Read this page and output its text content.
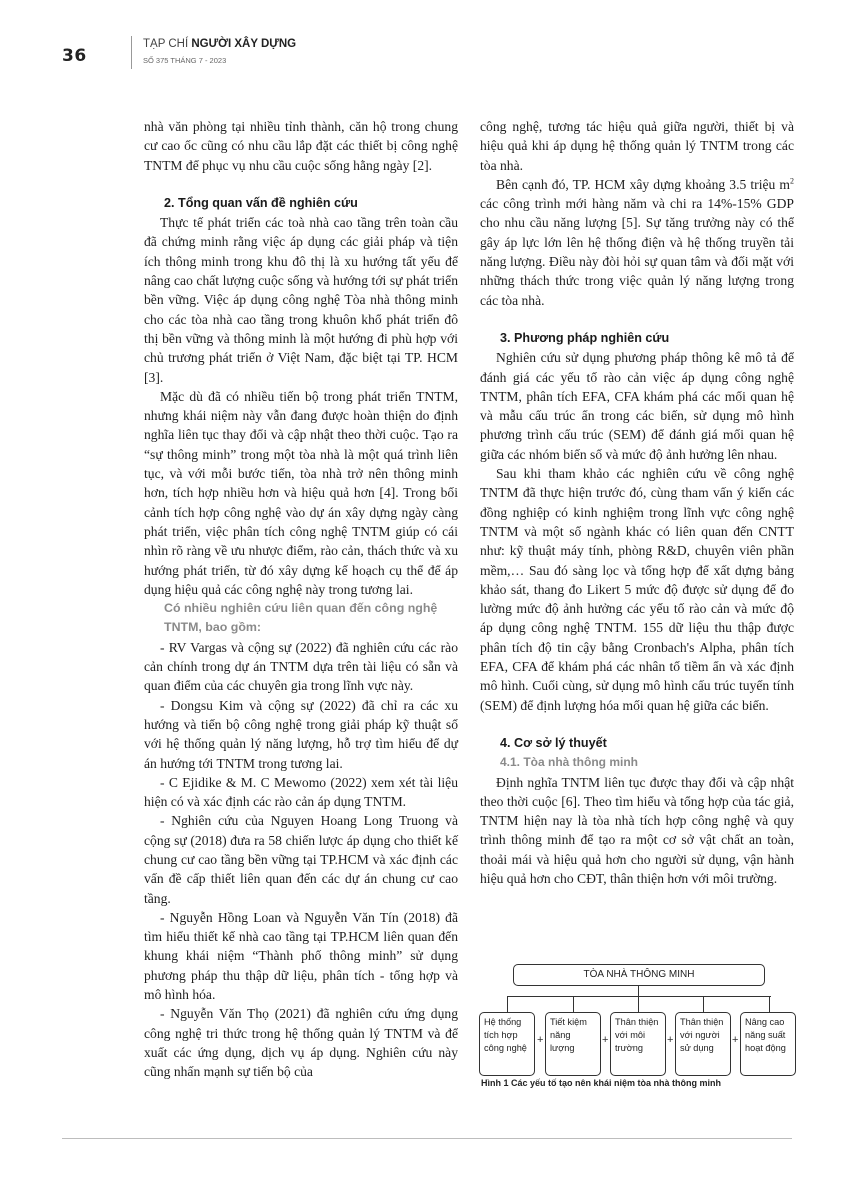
36
TẠP CHÍ NGƯỜI XÂY DỰNG
SỐ 375 THÁNG 7 - 2023

nhà văn phòng tại nhiều tỉnh thành, căn hộ trong chung cư cao ốc cũng có nhu cầu lắp đặt các thiết bị công nghệ TNTM để phục vụ nhu cầu cuộc sống hằng ngày [2].

2. Tổng quan vấn đề nghiên cứu

Thực tế phát triển các toà nhà cao tầng trên toàn cầu đã chứng minh rằng việc áp dụng các giải pháp và tiện ích thông minh trong khu đô thị là xu hướng tất yếu để nâng cao chất lượng cuộc sống và hướng tới sự phát triển bền vững. Việc áp dụng công nghệ Tòa nhà thông minh cho các tòa nhà cao tầng trong khuôn khổ phát triển đô thị bền vững và thông minh là một hướng đi phù hợp với chủ trương phát triển ở Việt Nam, đặc biệt tại TP. HCM [3].

Mặc dù đã có nhiều tiến bộ trong phát triển TNTM, nhưng khái niệm này vẫn đang được hoàn thiện do định nghĩa liên tục thay đổi và cập nhật theo thời cuộc. Tạo ra “sự thông minh” trong một tòa nhà là một quá trình liên tục, và với mỗi bước tiến, tòa nhà trở nên thông minh hơn, tích hợp nhiều hơn và hiệu quả hơn [4]. Trong bối cảnh tích hợp công nghệ vào dự án xây dựng ngày càng phát triển, việc phân tích công nghệ TNTM giúp có cái nhìn rõ ràng về ưu nhược điểm, rào cản, thách thức và xu hướng phát triển, từ đó xây dựng kế hoạch cụ thể để áp dụng hiệu quả các công nghệ này trong tương lai.

Có nhiều nghiên cứu liên quan đến công nghệ TNTM, bao gồm:

- RV Vargas và cộng sự (2022) đã nghiên cứu các rào cản chính trong dự án TNTM dựa trên tài liệu có sẵn và quan điểm của các chuyên gia trong lĩnh vực này.

- Dongsu Kim và cộng sự (2022) đã chỉ ra các xu hướng và tiến bộ công nghệ trong giải pháp kỹ thuật số với hệ thống quản lý năng lượng, hỗ trợ tìm hiểu để dự án hướng tới TNTM trong tương lai.

- C Ejidike & M. C Mewomo (2022) xem xét tài liệu hiện có và xác định các rào cản áp dụng TNTM.

- Nghiên cứu của Nguyen Hoang Long Truong và cộng sự (2018) đưa ra 58 chiến lược áp dụng cho thiết kế chung cư cao tầng bền vững tại TP.HCM và xác định các vấn đề cấp thiết liên quan đến các dự án chung cư cao tầng.

- Nguyễn Hồng Loan và Nguyễn Văn Tín (2018) đã tìm hiểu thiết kế nhà cao tầng tại TP.HCM liên quan đến khung khái niệm “Thành phố thông minh” sử dụng phương pháp thu thập dữ liệu, phân tích - tổng hợp và mô hình hóa.

- Nguyễn Văn Thọ (2021) đã nghiên cứu ứng dụng công nghệ tri thức trong hệ thống quản lý TNTM và để xuất các ứng dụng, dịch vụ áp dụng. Nghiên cứu này cũng nhấn mạnh sự tiến bộ của

công nghệ, tương tác hiệu quả giữa người, thiết bị và hiệu quả khi áp dụng hệ thống quản lý TNTM trong các tòa nhà.

Bên cạnh đó, TP. HCM xây dựng khoảng 3.5 triệu $m^2$ các công trình mới hàng năm và chi ra 14%-15% GDP cho nhu cầu năng lượng [5]. Sự tăng trưởng này có thể gây áp lực lớn lên hệ thống điện và hệ thống truyền tải năng lượng. Điều này đòi hỏi sự quan tâm và đối mặt với những thách thức trong việc quản lý năng lượng trong các tòa nhà.

3. Phương pháp nghiên cứu

Nghiên cứu sử dụng phương pháp thông kê mô tả để đánh giá các yếu tố rào cản việc áp dụng công nghệ TNTM, phân tích EFA, CFA khám phá các mối quan hệ và mẫu cấu trúc ẩn trong các biến, sử dụng mô hình phương trình cấu trúc (SEM) để đánh giá mối quan hệ giữa các nhóm biến số và mức độ ảnh hưởng lên nhau.

Sau khi tham khảo các nghiên cứu về công nghệ TNTM đã thực hiện trước đó, cùng tham vấn ý kiến các đồng nghiệp có kinh nghiệm trong lĩnh vực công nghệ TNTM và một số ngành khác có liên quan đến CNTT như: kỹ thuật máy tính, phòng R&D, chuyên viên phần mềm,… Sau đó sàng lọc và tổng hợp để xất dựng bảng khảo sát, thang đo Likert 5 mức độ được sử dụng để đo lường mức độ ảnh hưởng các yếu tố rào cản và mức độ áp dụng công nghệ TNTM. 155 dữ liệu thu thập được phân tích độ tin cậy bằng Cronbach's Alpha, phân tích EFA, CFA để khám phá các nhân tố tiềm ẩn và xác định mô hình. Cuối cùng, sử dụng mô hình cấu trúc tuyến tính (SEM) để định lượng hóa mối quan hệ giữa các biến.

4. Cơ sở lý thuyết

4.1. Tòa nhà thông minh

Định nghĩa TNTM liên tục được thay đổi và cập nhật theo thời cuộc [6]. Theo tìm hiểu và tổng hợp của tác giả, TNTM hiện nay là tòa nhà tích hợp công nghệ và quy trình thông minh để tạo ra một cơ sở vật chất an toàn, thoải mái và hiệu quả hơn cho người sử dụng, vận hành hiệu quả hơn cho CĐT, thân thiện hơn với môi trường.

TÒA NHÀ THÔNG MINH
Hệ thống tích hợp công nghệ
+
Tiết kiệm năng lượng
+
Thân thiện với môi trường
+
Thân thiện với người sử dụng
+
Nâng cao năng suất hoạt động
Hình 1 Các yếu tố tạo nên khái niệm tòa nhà thông minh
